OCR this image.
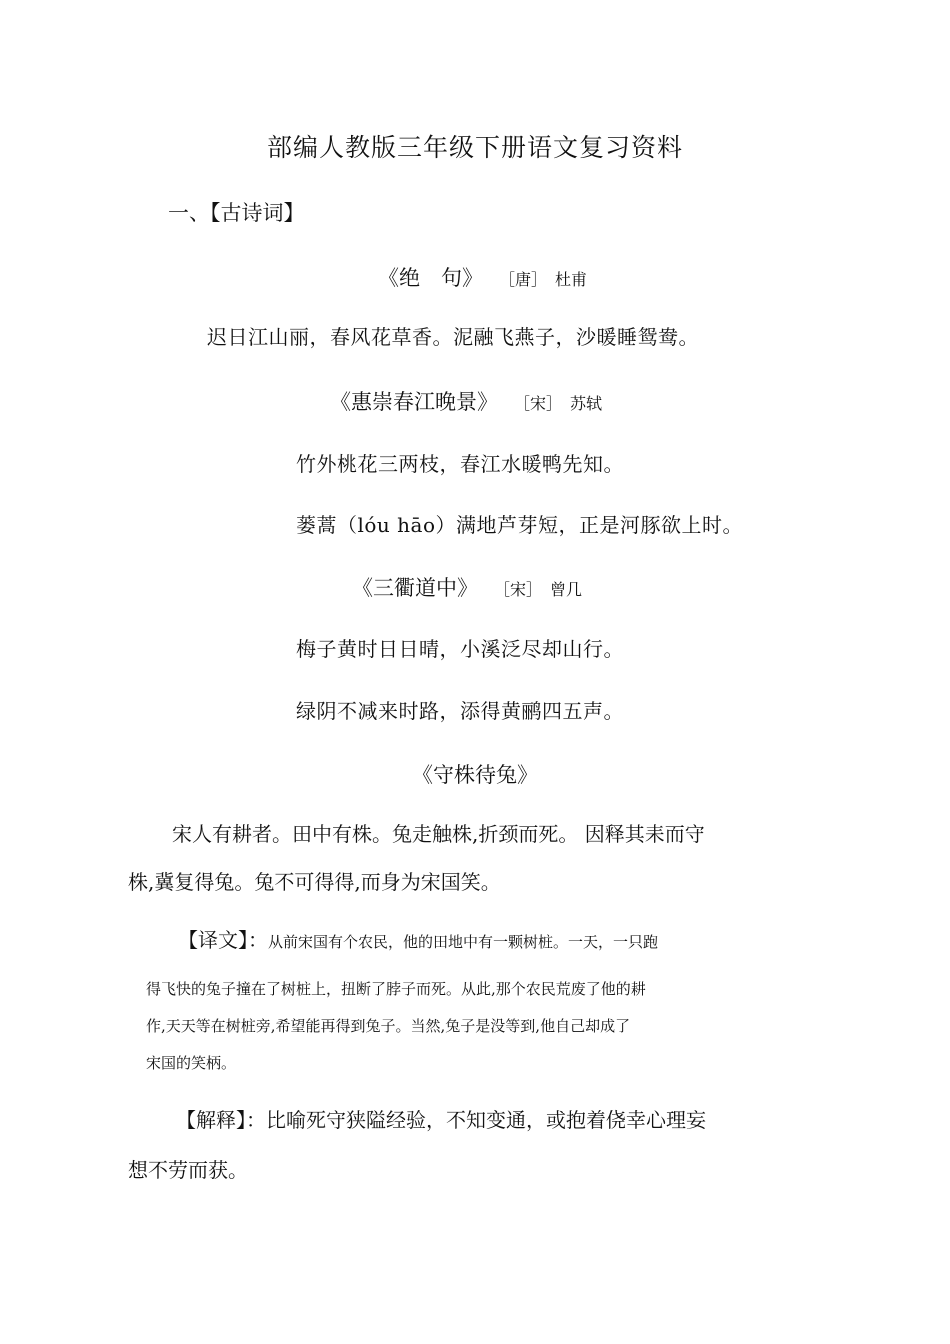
部编人教版三年级下册语文复习资料
一、【古诗词】
《绝　句》 ［唐］　杜甫
迟日江山丽，春风花草香。泥融飞燕子，沙暖睡鸳鸯。
《惠崇春江晚景》 ［宋］　苏轼
竹外桃花三两枝，春江水暖鸭先知。
蒌蒿（lóu hāo）满地芦芽短，正是河豚欲上时。
《三衢道中》 ［宋］　曾几
梅子黄时日日晴，小溪泛尽却山行。
绿阴不减来时路，添得黄鹂四五声。
《守株待兔》
宋人有耕者。田中有株。兔走触株,折颈而死。 因释其耒而守
株,冀复得兔。兔不可得得,而身为宋国笑。
【译文】：从前宋国有个农民，他的田地中有一颗树桩。一天，一只跑
得飞快的兔子撞在了树桩上，扭断了脖子而死。从此,那个农民荒废了他的耕
作,天天等在树桩旁,希望能再得到兔子。当然,兔子是没等到,他自己却成了
宋国的笑柄。
【解释】：比喻死守狭隘经验，不知变通，或抱着侥幸心理妄
想不劳而获。
